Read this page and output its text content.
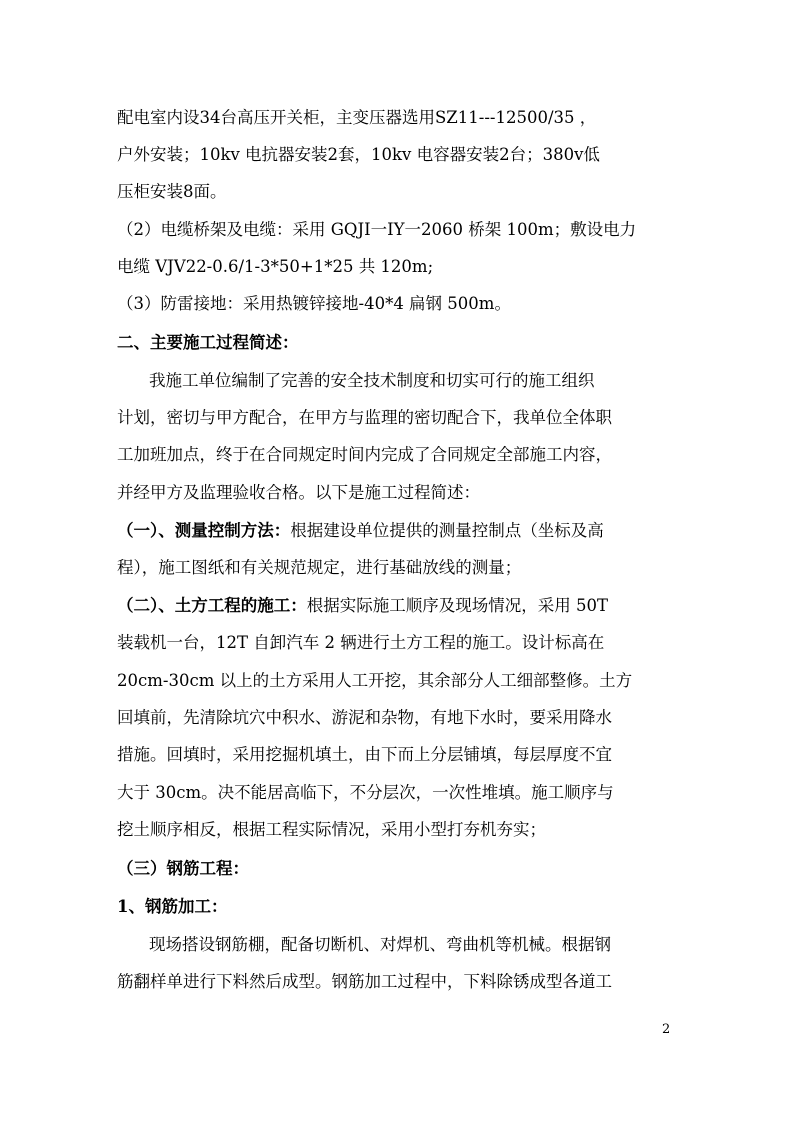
配电室内设34台高压开关柜，主变压器选用SZ11---12500/35 ，
户外安装；10kv 电抗器安装2套，10kv 电容器安装2台；380v低
压柜安装8面。
（2）电缆桥架及电缆：采用 GQJI一IY一2060 桥架 100m；敷设电力
电缆 VJV22-0.6/1-3*50+1*25 共 120m;
（3）防雷接地：采用热镀锌接地-40*4 扁钢 500m。
二、主要施工过程简述：
我施工单位编制了完善的安全技术制度和切实可行的施工组织
计划，密切与甲方配合，在甲方与监理的密切配合下，我单位全体职
工加班加点，终于在合同规定时间内完成了合同规定全部施工内容，
并经甲方及监理验收合格。以下是施工过程简述：
（一）、测量控制方法：根据建设单位提供的测量控制点（坐标及高
程），施工图纸和有关规范规定，进行基础放线的测量；
（二）、土方工程的施工：根据实际施工顺序及现场情况，采用 50T
装载机一台，12T 自卸汽车 2 辆进行土方工程的施工。设计标高在
20cm-30cm 以上的土方采用人工开挖，其余部分人工细部整修。土方
回填前，先清除坑穴中积水、游泥和杂物，有地下水时，要采用降水
措施。回填时，采用挖掘机填土，由下而上分层铺填，每层厚度不宜
大于 30cm。决不能居高临下，不分层次，一次性堆填。施工顺序与
挖土顺序相反，根据工程实际情况，采用小型打夯机夯实；
（三）钢筋工程：
1、钢筋加工：
现场搭设钢筋棚，配备切断机、对焊机、弯曲机等机械。根据钢
筋翻样单进行下料然后成型。钢筋加工过程中，下料除锈成型各道工
2
